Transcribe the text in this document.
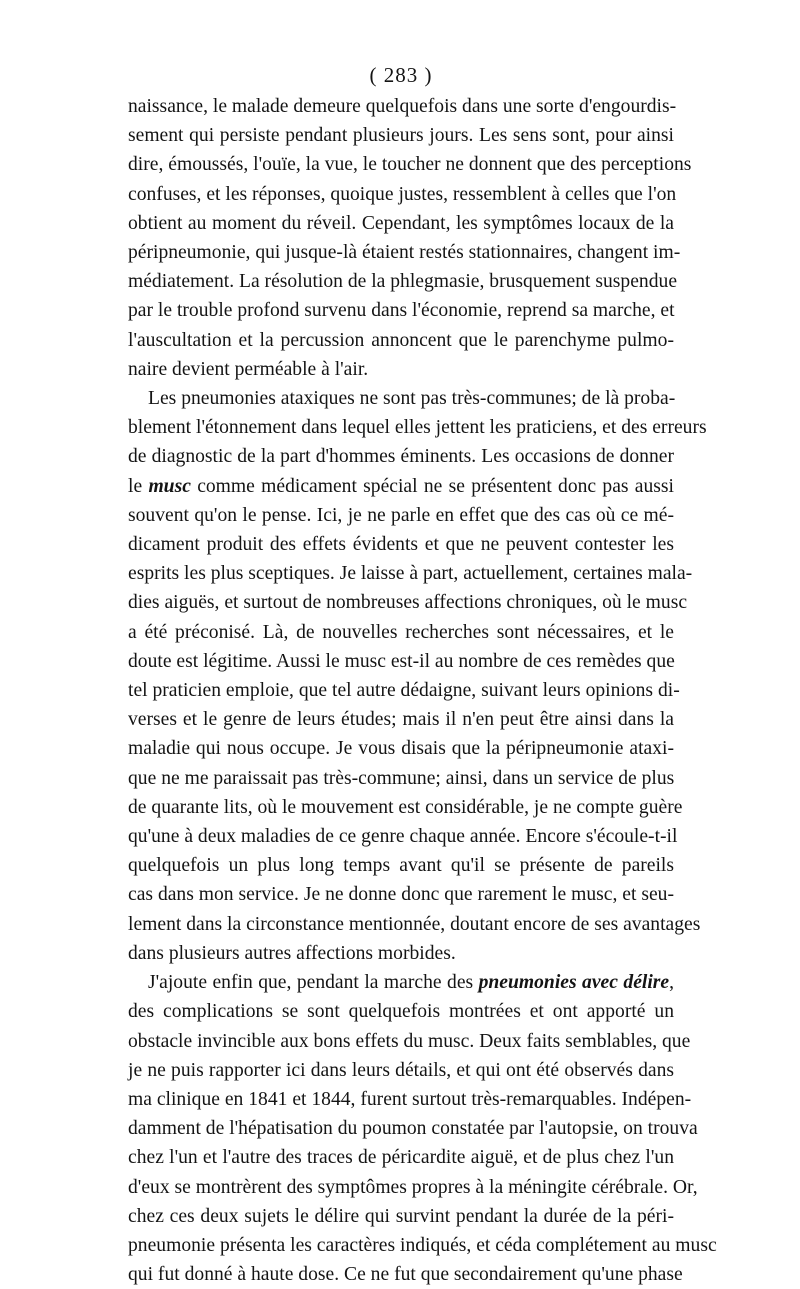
( 283 )
naissance, le malade demeure quelquefois dans une sorte d'engourdis-
sement qui persiste pendant plusieurs jours. Les sens sont, pour ainsi
dire, émoussés, l'ouïe, la vue, le toucher ne donnent que des perceptions
confuses, et les réponses, quoique justes, ressemblent à celles que l'on
obtient au moment du réveil. Cependant, les symptômes locaux de la
péripneumonie, qui jusque-là étaient restés stationnaires, changent im-
médiatement. La résolution de la phlegmasie, brusquement suspendue
par le trouble profond survenu dans l'économie, reprend sa marche, et
l'auscultation et la percussion annoncent que le parenchyme pulmo-
naire devient perméable à l'air.
Les pneumonies ataxiques ne sont pas très-communes; de là proba-
blement l'étonnement dans lequel elles jettent les praticiens, et des erreurs
de diagnostic de la part d'hommes éminents. Les occasions de donner
le musc comme médicament spécial ne se présentent donc pas aussi
souvent qu'on le pense. Ici, je ne parle en effet que des cas où ce mé-
dicament produit des effets évidents et que ne peuvent contester les
esprits les plus sceptiques. Je laisse à part, actuellement, certaines mala-
dies aiguës, et surtout de nombreuses affections chroniques, où le musc
a été préconisé. Là, de nouvelles recherches sont nécessaires, et le
doute est légitime. Aussi le musc est-il au nombre de ces remèdes que
tel praticien emploie, que tel autre dédaigne, suivant leurs opinions di-
verses et le genre de leurs études; mais il n'en peut être ainsi dans la
maladie qui nous occupe. Je vous disais que la péripneumonie ataxi-
que ne me paraissait pas très-commune; ainsi, dans un service de plus
de quarante lits, où le mouvement est considérable, je ne compte guère
qu'une à deux maladies de ce genre chaque année. Encore s'écoule-t-il
quelquefois un plus long temps avant qu'il se présente de pareils
cas dans mon service. Je ne donne donc que rarement le musc, et seu-
lement dans la circonstance mentionnée, doutant encore de ses avantages
dans plusieurs autres affections morbides.
J'ajoute enfin que, pendant la marche des pneumonies avec délire,
des complications se sont quelquefois montrées et ont apporté un
obstacle invincible aux bons effets du musc. Deux faits semblables, que
je ne puis rapporter ici dans leurs détails, et qui ont été observés dans
ma clinique en 1841 et 1844, furent surtout très-remarquables. Indépen-
damment de l'hépatisation du poumon constatée par l'autopsie, on trouva
chez l'un et l'autre des traces de péricardite aiguë, et de plus chez l'un
d'eux se montrèrent des symptômes propres à la méningite cérébrale. Or,
chez ces deux sujets le délire qui survint pendant la durée de la péri-
pneumonie présenta les caractères indiqués, et céda complétement au musc
qui fut donné à haute dose. Ce ne fut que secondairement qu'une phase
